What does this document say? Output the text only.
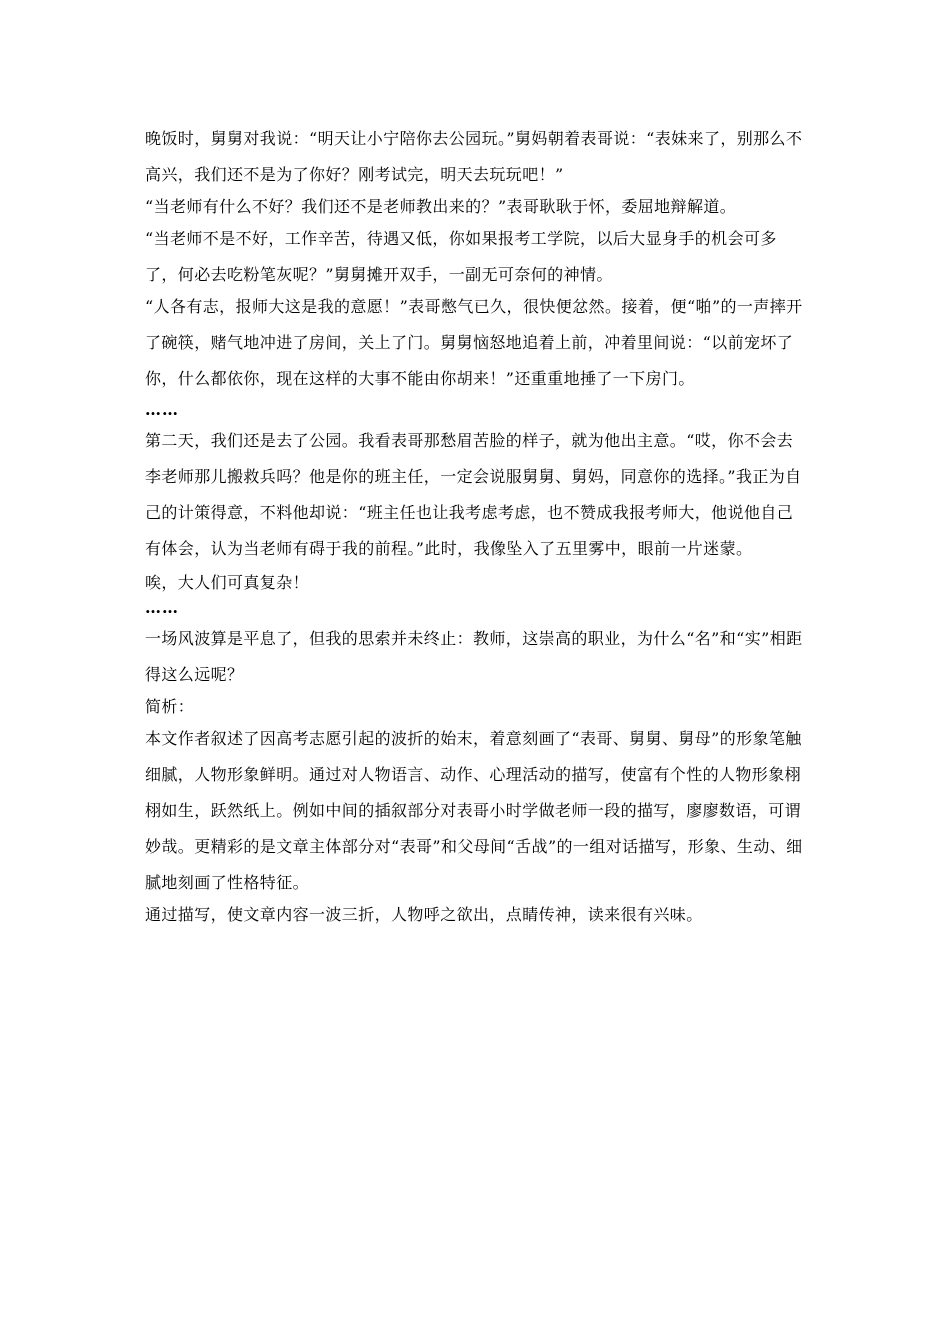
晚饭时，舅舅对我说：“明天让小宁陪你去公园玩。”舅妈朝着表哥说：“表妹来了，别那么不高兴，我们还不是为了你好？刚考试完，明天去玩玩吧！”

“当老师有什么不好？我们还不是老师教出来的？”表哥耿耿于怀，委屈地辩解道。

“当老师不是不好，工作辛苦，待遇又低，你如果报考工学院，以后大显身手的机会可多了，何必去吃粉笔灰呢？”舅舅摊开双手，一副无可奈何的神情。

“人各有志，报师大这是我的意愿！”表哥憋气已久，很快便忿然。接着，便“啪”的一声摔开了碗筷，赌气地冲进了房间，关上了门。舅舅恼怒地追着上前，冲着里间说：“以前宠坏了你，什么都依你，现在这样的大事不能由你胡来！”还重重地捶了一下房门。

……

第二天，我们还是去了公园。我看表哥那愁眉苦脸的样子，就为他出主意。“哎，你不会去李老师那儿搬救兵吗？他是你的班主任，一定会说服舅舅、舅妈，同意你的选择。”我正为自己的计策得意，不料他却说：“班主任也让我考虑考虑，也不赞成我报考师大，他说他自己有体会，认为当老师有碍于我的前程。”此时，我像坠入了五里雾中，眼前一片迷蒙。

唉，大人们可真复杂！

……

一场风波算是平息了，但我的思索并未终止：教师，这崇高的职业，为什么“名”和“实”相距得这么远呢？

简析：

本文作者叙述了因高考志愿引起的波折的始末，着意刻画了“表哥、舅舅、舅母”的形象笔触细腻，人物形象鲜明。通过对人物语言、动作、心理活动的描写，使富有个性的人物形象栩栩如生，跃然纸上。例如中间的插叙部分对表哥小时学做老师一段的描写，廖廖数语，可谓妙哉。更精彩的是文章主体部分对“表哥”和父母间“舌战”的一组对话描写，形象、生动、细腻地刻画了性格特征。

通过描写，使文章内容一波三折，人物呼之欲出，点睛传神，读来很有兴味。
